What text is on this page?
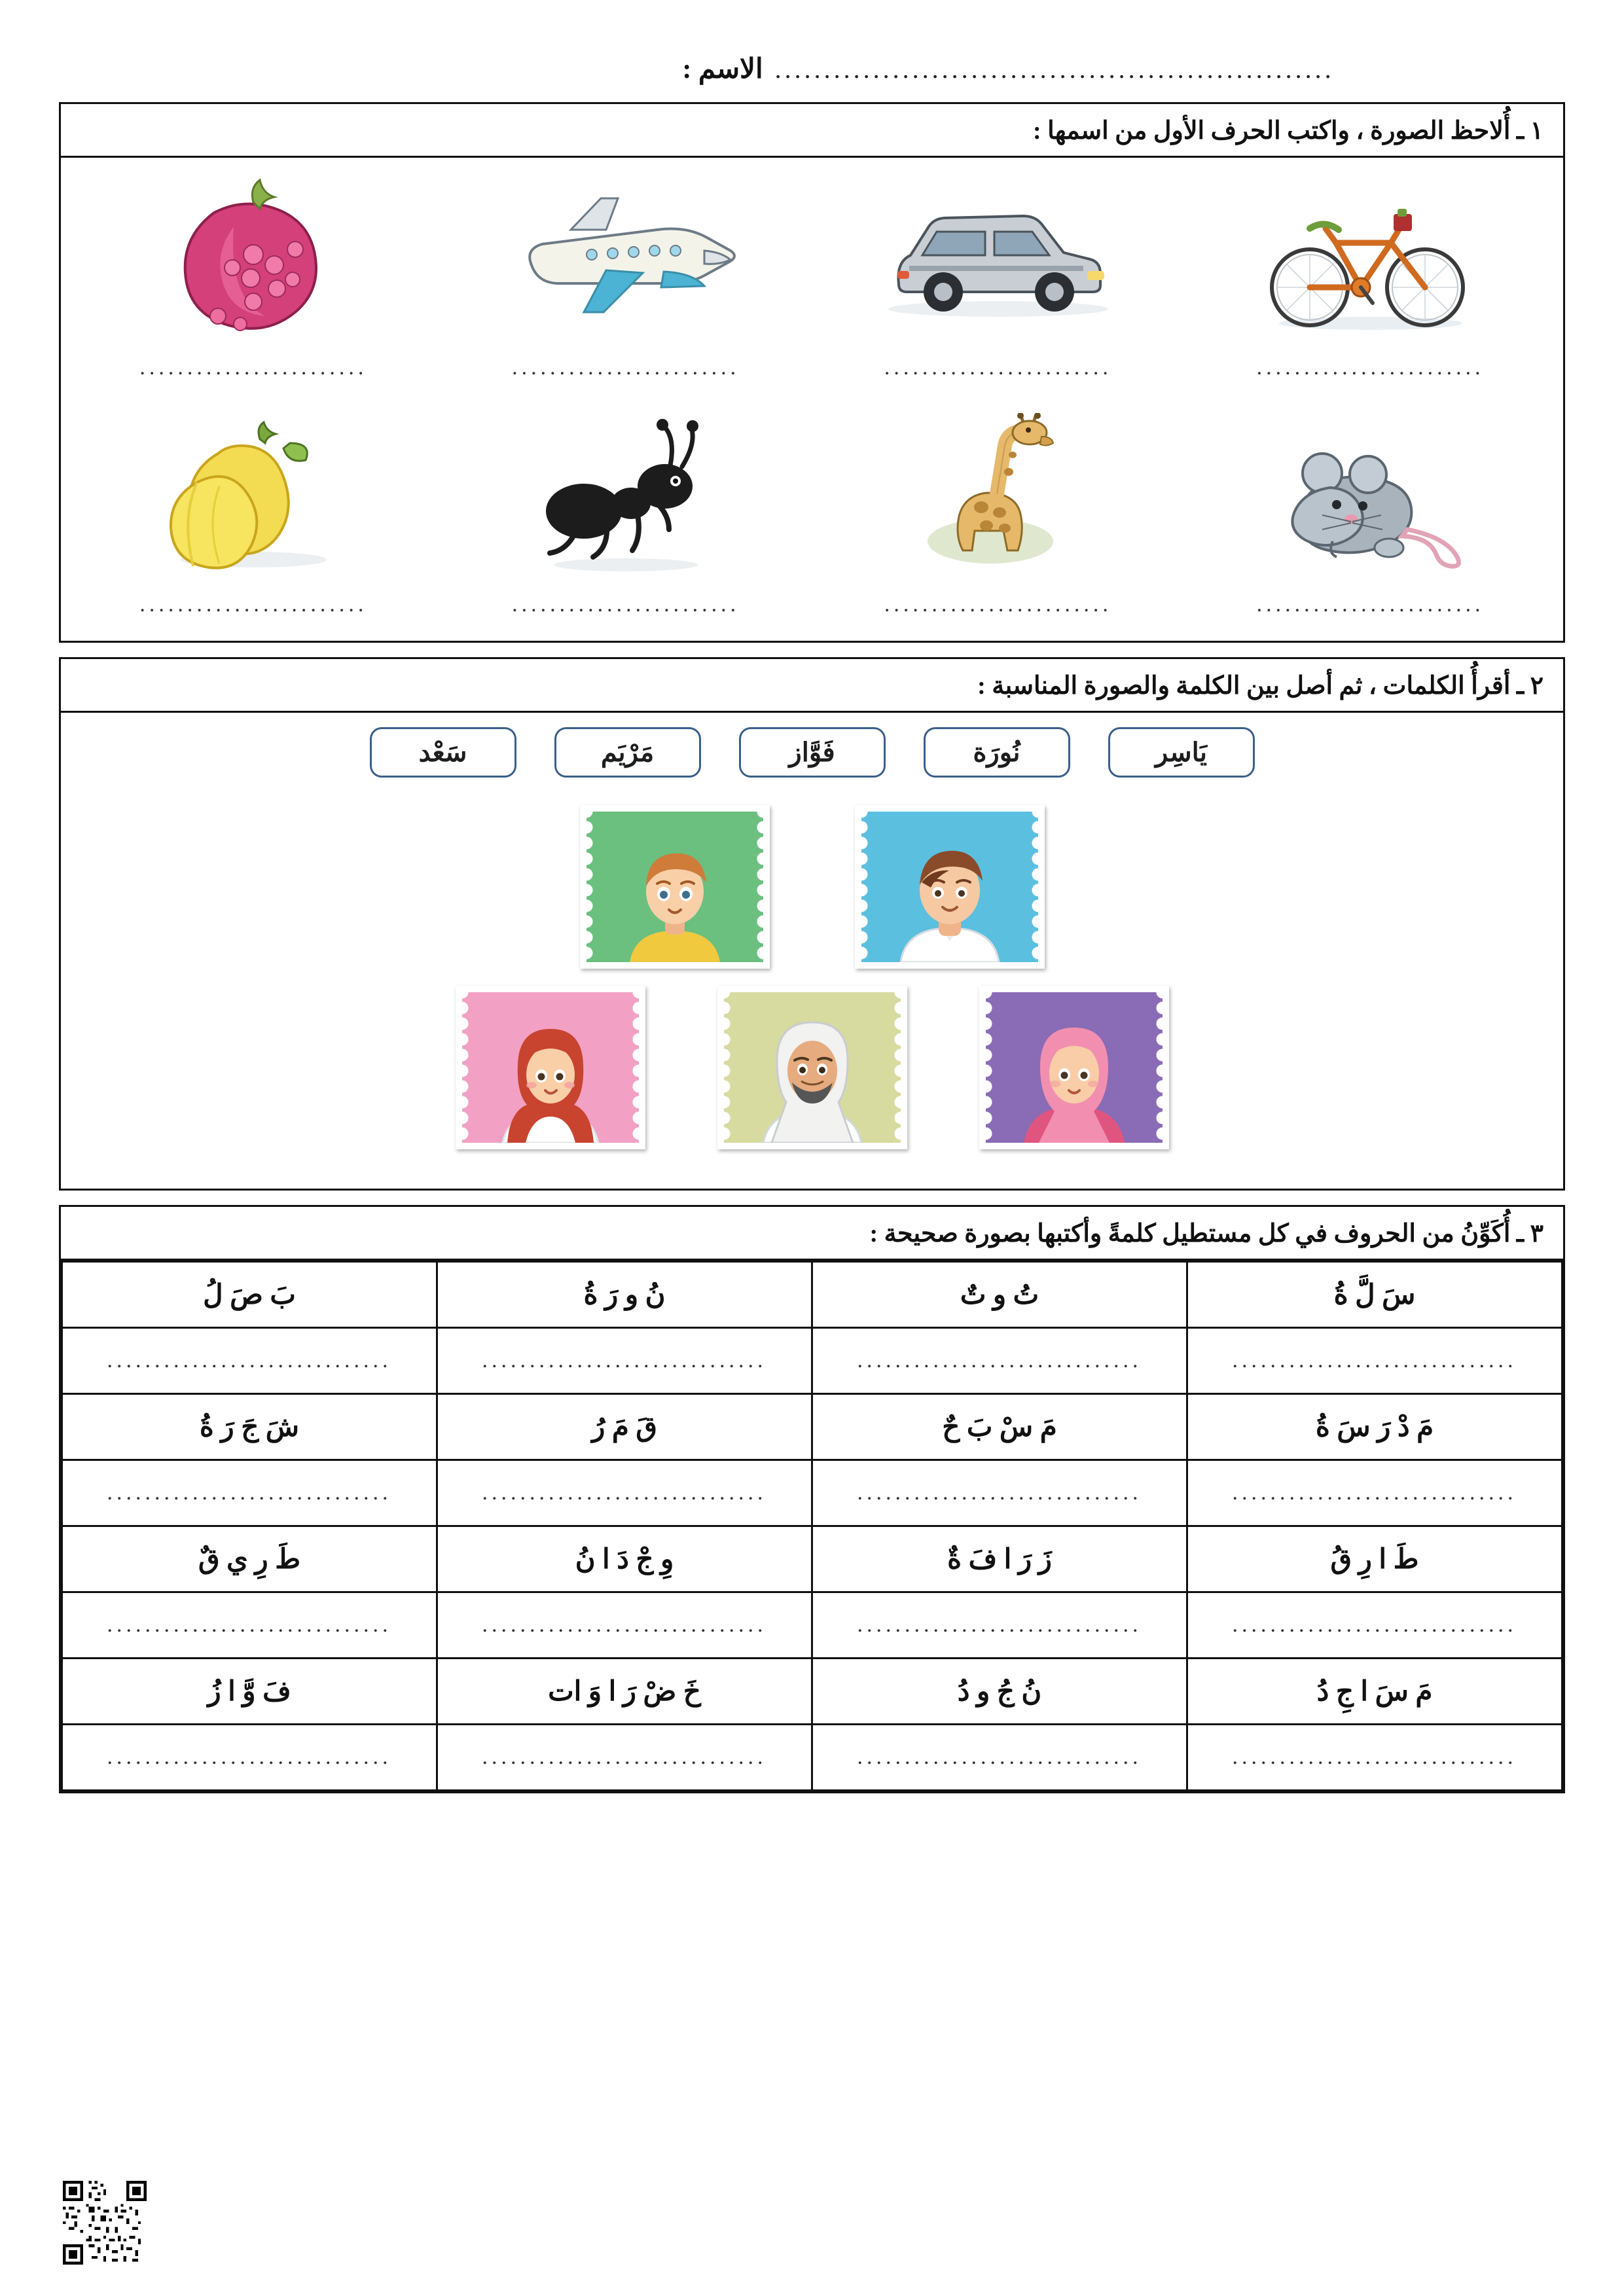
.........................................................
الاسم :
١ ـ أُلاحظ الصورة ، واكتب الحرف الأول من اسمها :
........................
........................
........................
........................
........................
........................
........................
........................
٢ ـ أقرأُ الكلمات ، ثم أصل بين الكلمة والصورة المناسبة :
يَاسِر
نُورَة
فَوَّاز
مَرْيَم
سَعْد
٣ ـ أُكَوِّنُ من الحروف في كل مستطيل كلمةً وأكتبها بصورة صحيحة :
سَ لَّ ةُ	تُ و تٌ	نُ و رَ ةُ	بَ صَ لُ
..............................	..............................	..............................	..............................
مَ دْ رَ سَ ةُ	مَ سْ بَ حٌ	قَ مَ رُ	شَ جَ رَ ةُ
..............................	..............................	..............................	..............................
طَ ا رِ قُ	زَ رَ ا فَ ةٌ	وِ جْ دَ ا نُ	طَ رِ ي قٌ
..............................	..............................	..............................	..............................
مَ سَ ا جِ دُ	نُ جُ و دُ	خَ ضْ رَ ا وَ ات	فَ وَّ ا زُ
..............................	..............................	..............................	..............................
